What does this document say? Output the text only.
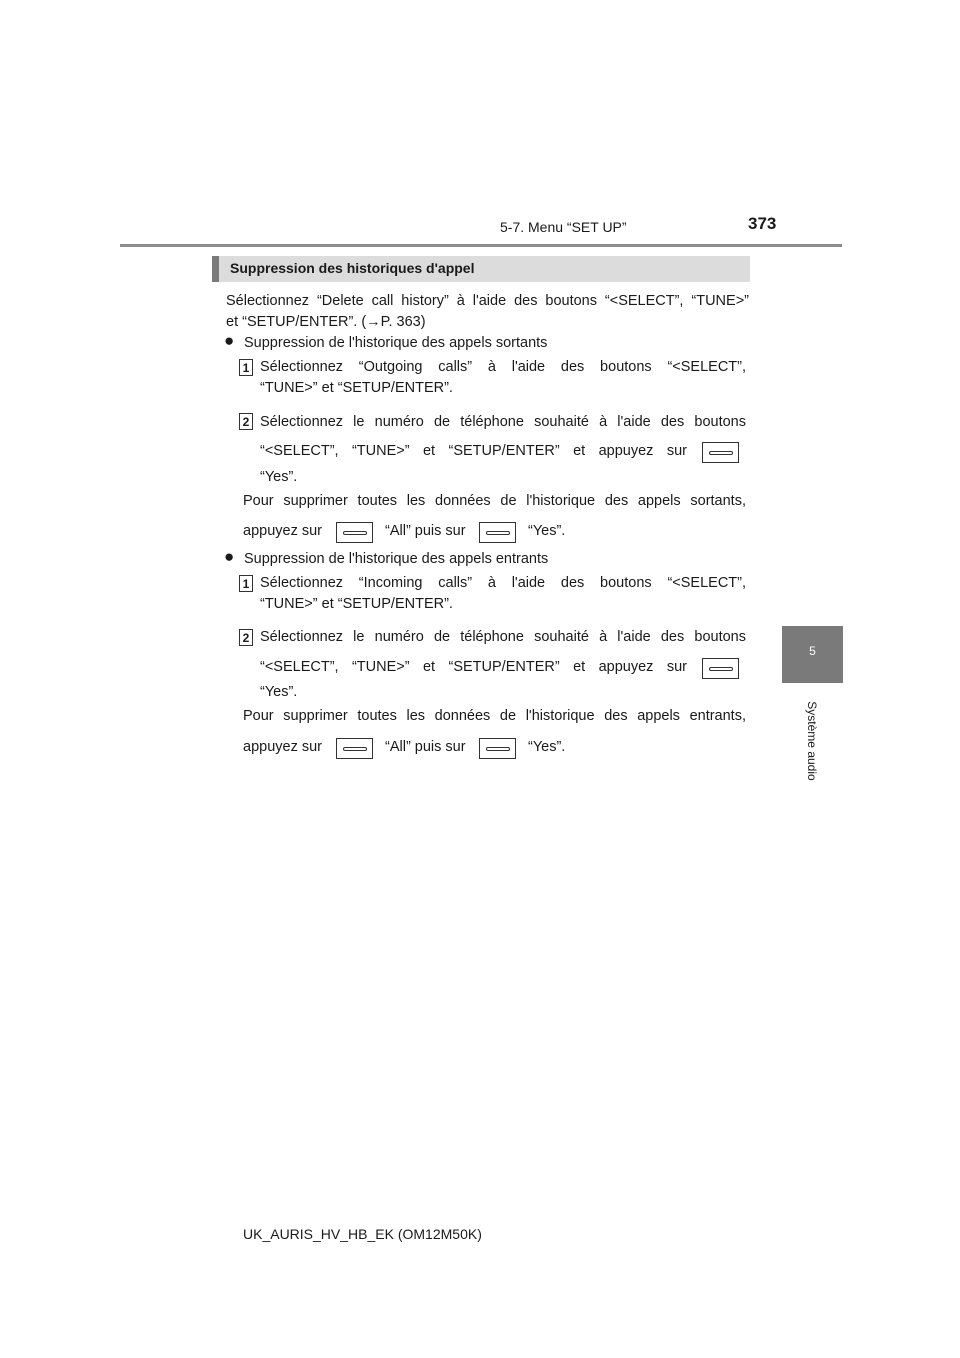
5-7. Menu “SET UP”	373
5
Système audio
Suppression des historiques d'appel
Sélectionnez “Delete call history” à l'aide des boutons “<SELECT”, “TUNE>”
et “SETUP/ENTER”. (→P. 363)
● Suppression de l'historique des appels sortants
1 Sélectionnez “Outgoing calls” à l'aide des boutons “<SELECT”,
“TUNE>” et “SETUP/ENTER”.
2 Sélectionnez le numéro de téléphone souhaité à l'aide des boutons
“<SELECT”, “TUNE>” et “SETUP/ENTER” et appuyez sur
“Yes”.
Pour supprimer toutes les données de l'historique des appels sortants,
appuyez sur	“All” puis sur	“Yes”.
● Suppression de l'historique des appels entrants
1 Sélectionnez “Incoming calls” à l'aide des boutons “<SELECT”,
“TUNE>” et “SETUP/ENTER”.
2 Sélectionnez le numéro de téléphone souhaité à l'aide des boutons
“<SELECT”, “TUNE>” et “SETUP/ENTER” et appuyez sur
“Yes”.
Pour supprimer toutes les données de l'historique des appels entrants,
appuyez sur	“All” puis sur	“Yes”.
UK_AURIS_HV_HB_EK (OM12M50K)
